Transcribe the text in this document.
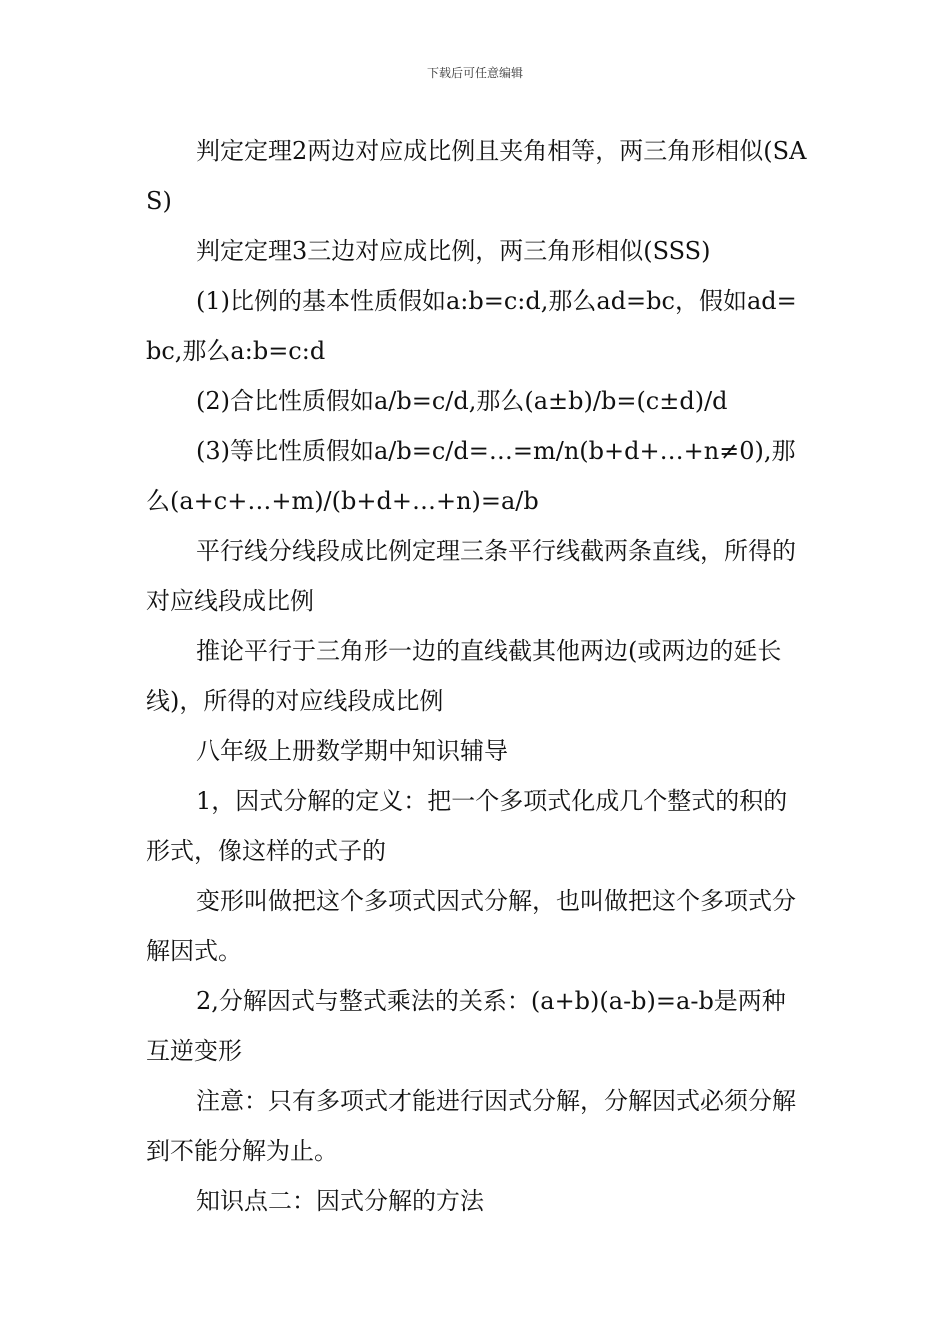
下载后可任意编辑

判定定理2两边对应成比例且夹角相等，两三角形相似(SAS)

判定定理3三边对应成比例，两三角形相似(SSS)

(1)比例的基本性质假如a:b=c:d,那么ad=bc，假如ad=bc,那么a:b=c:d

(2)合比性质假如a/b=c/d,那么(a±b)/b=(c±d)/d

(3)等比性质假如a/b=c/d=…=m/n(b+d+…+n≠0),那么(a+c+…+m)/(b+d+…+n)=a/b

平行线分线段成比例定理三条平行线截两条直线，所得的对应线段成比例

推论平行于三角形一边的直线截其他两边(或两边的延长线)，所得的对应线段成比例

八年级上册数学期中知识辅导

1，因式分解的定义：把一个多项式化成几个整式的积的形式，像这样的式子的

变形叫做把这个多项式因式分解，也叫做把这个多项式分解因式。

2,分解因式与整式乘法的关系：(a+b)(a-b)=a-b是两种互逆变形

注意：只有多项式才能进行因式分解，分解因式必须分解到不能分解为止。

知识点二：因式分解的方法
